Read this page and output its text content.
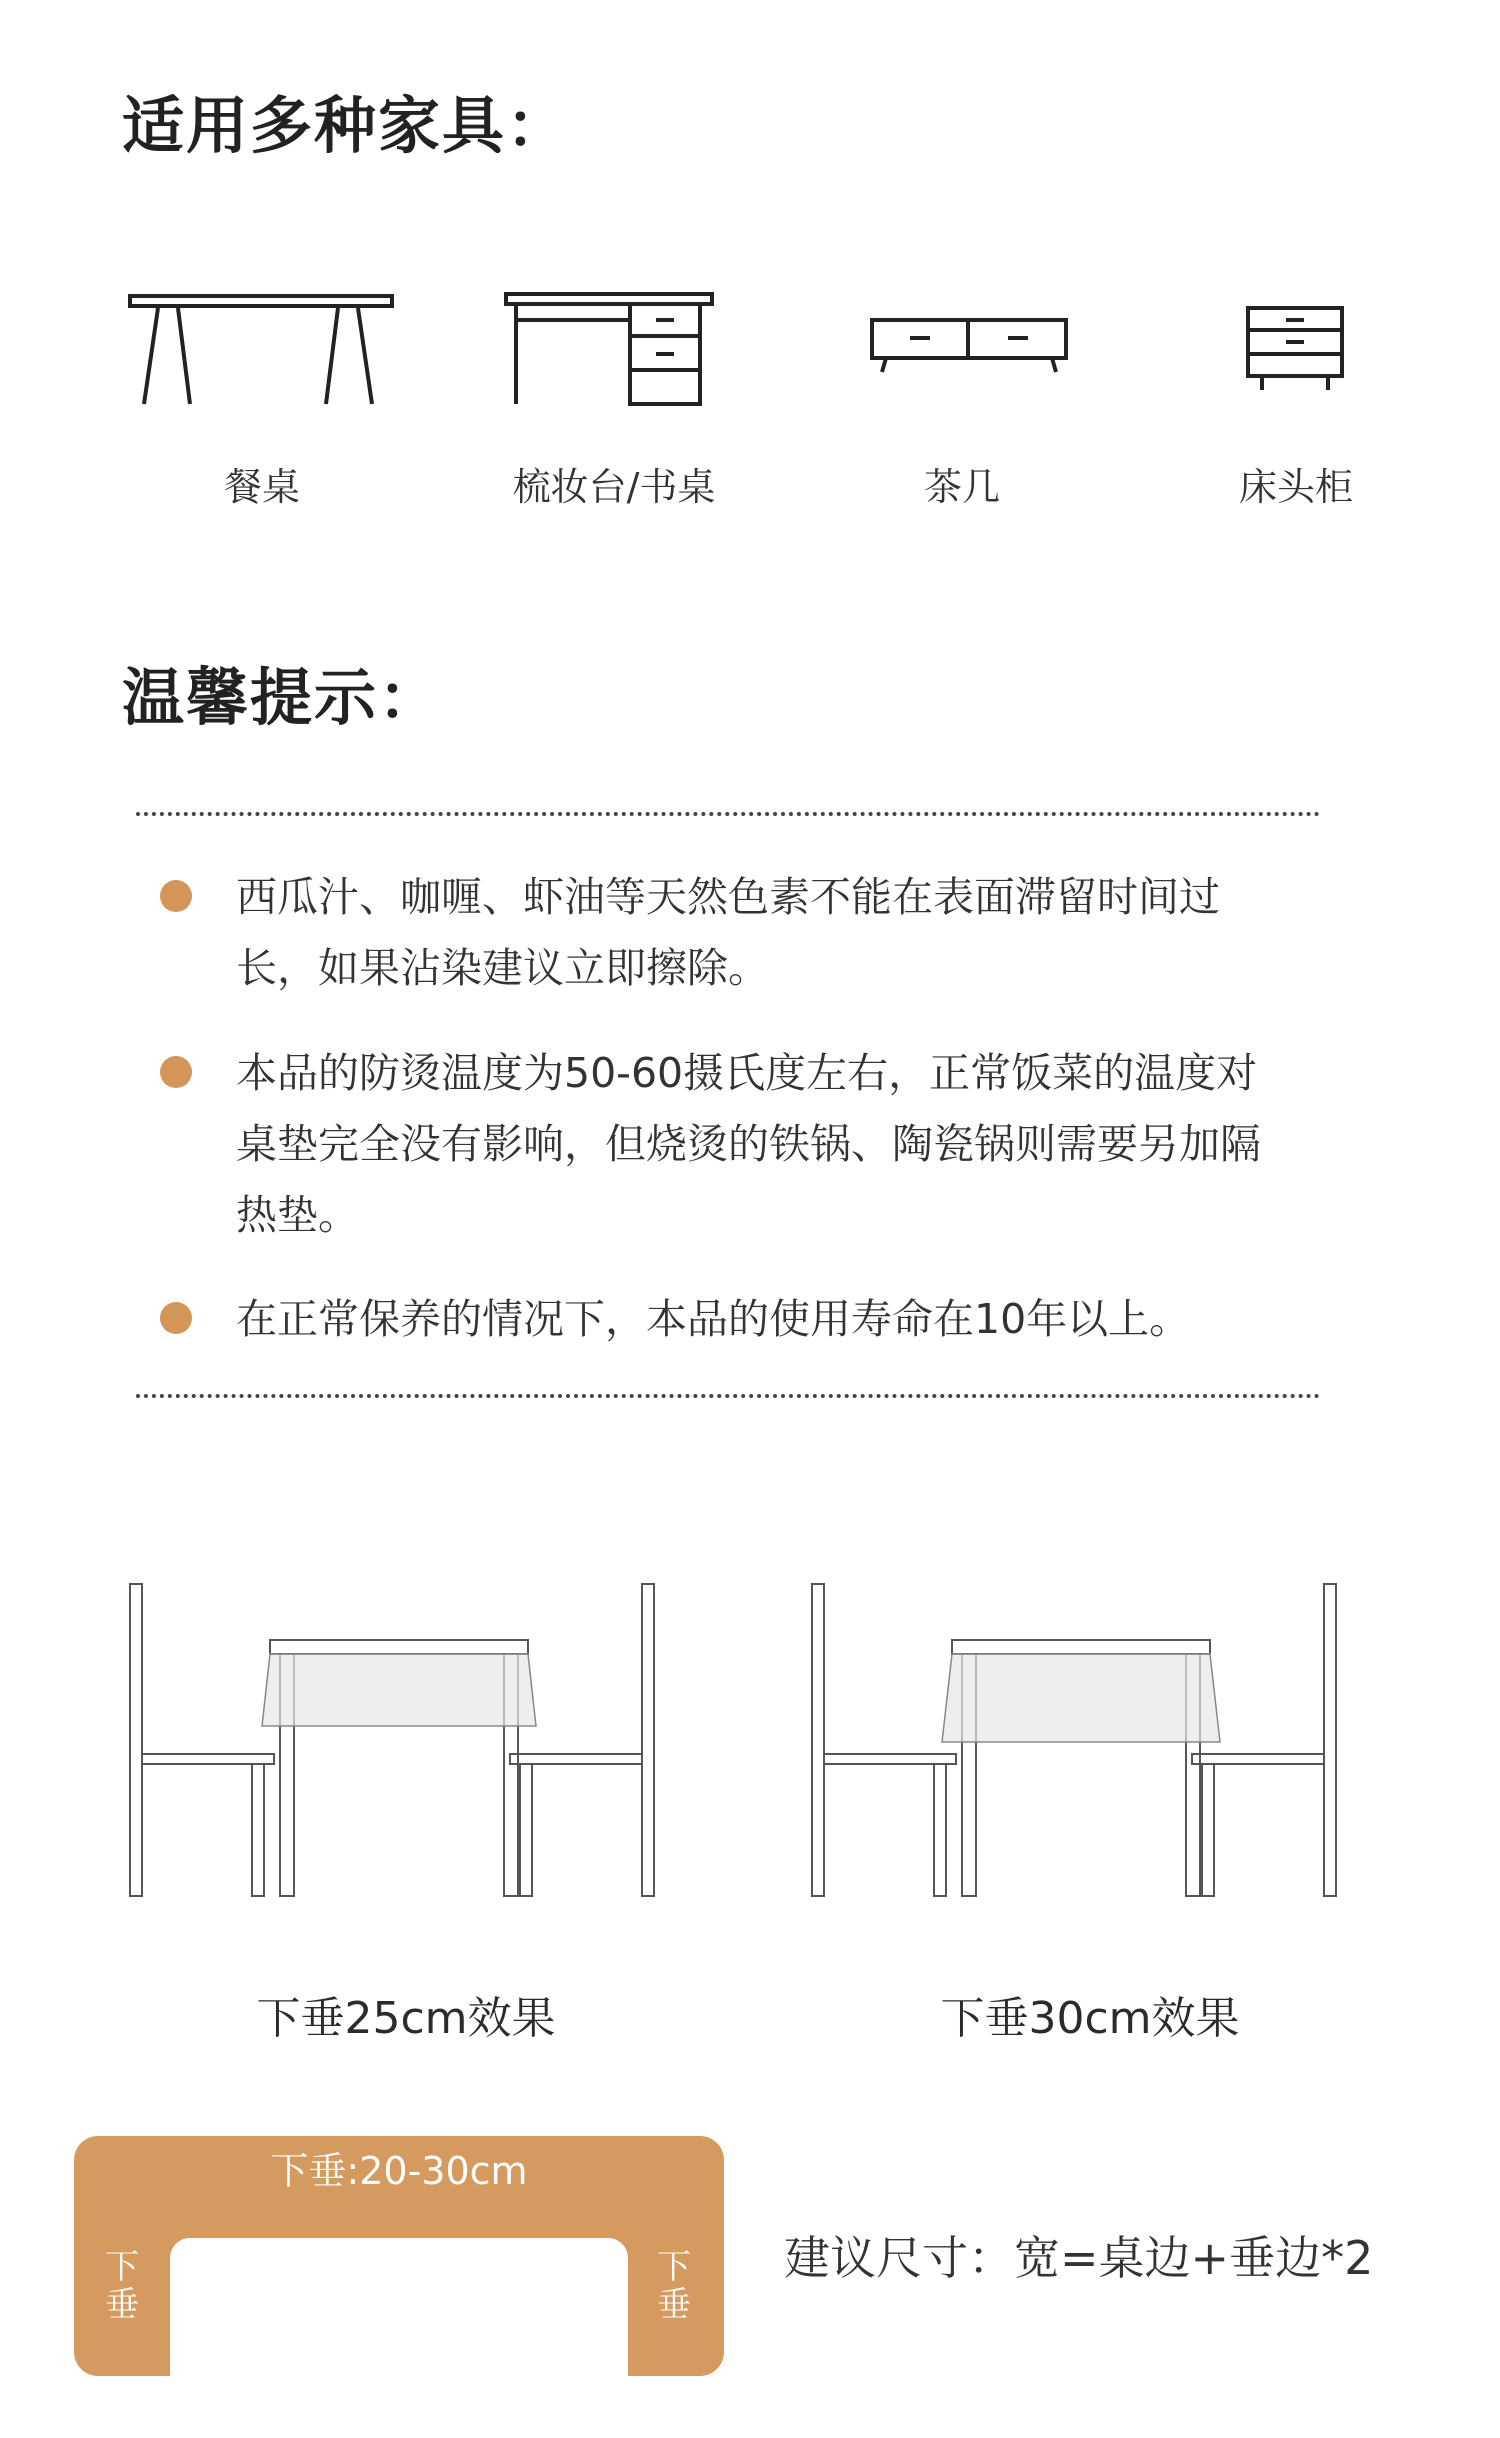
适用多种家具：
餐桌	梳妆台/书桌	茶几	床头柜
温馨提示：
西瓜汁、咖喱、虾油等天然色素不能在表面滞留时间过长，如果沾染建议立即擦除。
本品的防烫温度为50-60摄氏度左右，正常饭菜的温度对桌垫完全没有影响，但烧烫的铁锅、陶瓷锅则需要另加隔热垫。
在正常保养的情况下，本品的使用寿命在10年以上。
下垂25cm效果	下垂30cm效果
下垂:20-30cm
下
垂
下
垂
建议尺寸：宽=桌边+垂边*2
